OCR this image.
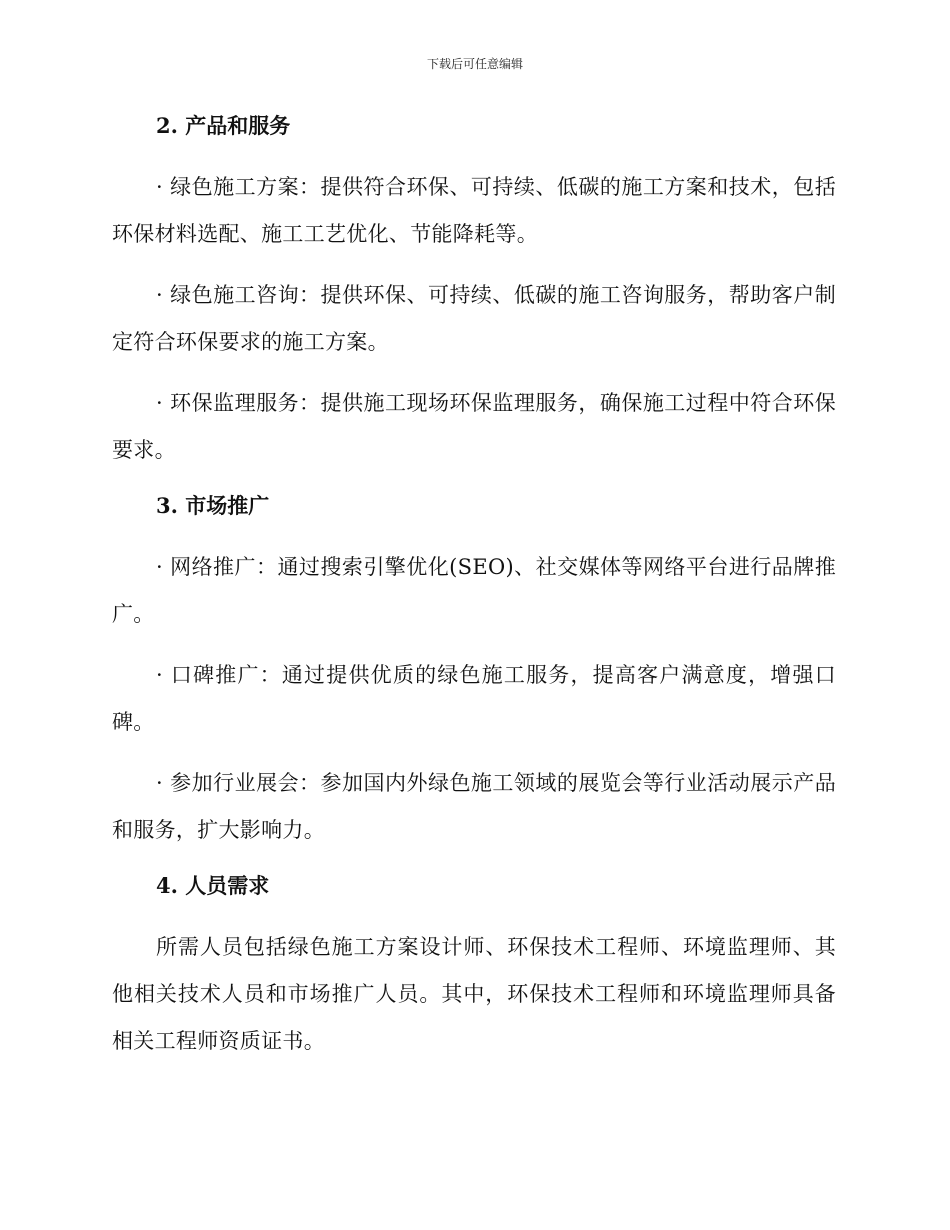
下载后可任意编辑
2. 产品和服务

· 绿色施工方案：提供符合环保、可持续、低碳的施工方案和技术，包括环保材料选配、施工工艺优化、节能降耗等。

· 绿色施工咨询：提供环保、可持续、低碳的施工咨询服务，帮助客户制定符合环保要求的施工方案。

· 环保监理服务：提供施工现场环保监理服务，确保施工过程中符合环保要求。

3. 市场推广

· 网络推广：通过搜索引擎优化(SEO)、社交媒体等网络平台进行品牌推广。

· 口碑推广：通过提供优质的绿色施工服务，提高客户满意度，增强口碑。

· 参加行业展会：参加国内外绿色施工领域的展览会等行业活动展示产品和服务，扩大影响力。

4. 人员需求

所需人员包括绿色施工方案设计师、环保技术工程师、环境监理师、其他相关技术人员和市场推广人员。其中，环保技术工程师和环境监理师具备相关工程师资质证书。
